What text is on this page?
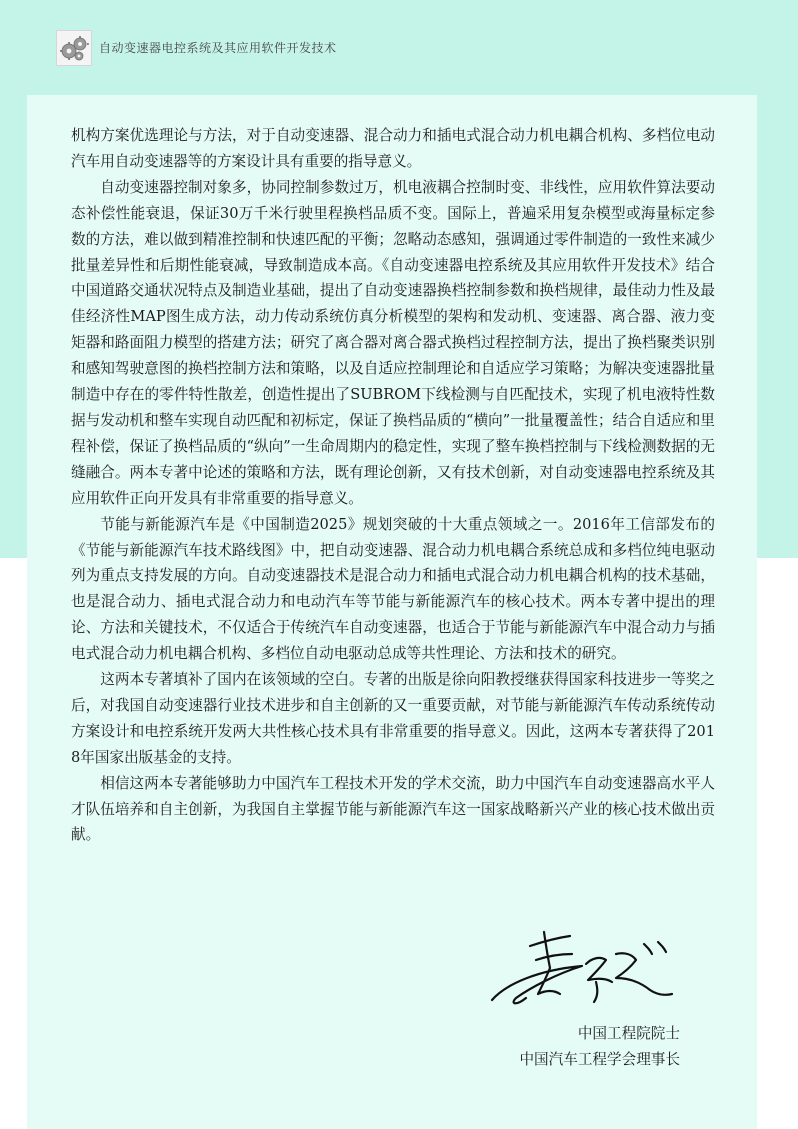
自动变速器电控系统及其应用软件开发技术

机构方案优选理论与方法，对于自动变速器、混合动力和插电式混合动力机电耦合机构、多档位电动汽车用自动变速器等的方案设计具有重要的指导意义。

自动变速器控制对象多，协同控制参数过万，机电液耦合控制时变、非线性，应用软件算法要动态补偿性能衰退，保证30万千米行驶里程换档品质不变。国际上，普遍采用复杂模型或海量标定参数的方法，难以做到精准控制和快速匹配的平衡；忽略动态感知，强调通过零件制造的一致性来减少批量差异性和后期性能衰减，导致制造成本高。《自动变速器电控系统及其应用软件开发技术》结合中国道路交通状况特点及制造业基础，提出了自动变速器换档控制参数和换档规律，最佳动力性及最佳经济性MAP图生成方法，动力传动系统仿真分析模型的架构和发动机、变速器、离合器、液力变矩器和路面阻力模型的搭建方法；研究了离合器对离合器式换档过程控制方法，提出了换档聚类识别和感知驾驶意图的换档控制方法和策略，以及自适应控制理论和自适应学习策略；为解决变速器批量制造中存在的零件特性散差，创造性提出了SUBROM下线检测与自匹配技术，实现了机电液特性数据与发动机和整车实现自动匹配和初标定，保证了换档品质的“横向”一批量覆盖性；结合自适应和里程补偿，保证了换档品质的“纵向”一生命周期内的稳定性，实现了整车换档控制与下线检测数据的无缝融合。两本专著中论述的策略和方法，既有理论创新，又有技术创新，对自动变速器电控系统及其应用软件正向开发具有非常重要的指导意义。

节能与新能源汽车是《中国制造2025》规划突破的十大重点领域之一。2016年工信部发布的《节能与新能源汽车技术路线图》中，把自动变速器、混合动力机电耦合系统总成和多档位纯电驱动列为重点支持发展的方向。自动变速器技术是混合动力和插电式混合动力机电耦合机构的技术基础，也是混合动力、插电式混合动力和电动汽车等节能与新能源汽车的核心技术。两本专著中提出的理论、方法和关键技术，不仅适合于传统汽车自动变速器，也适合于节能与新能源汽车中混合动力与插电式混合动力机电耦合机构、多档位自动电驱动总成等共性理论、方法和技术的研究。

这两本专著填补了国内在该领域的空白。专著的出版是徐向阳教授继获得国家科技进步一等奖之后，对我国自动变速器行业技术进步和自主创新的又一重要贡献，对节能与新能源汽车传动系统传动方案设计和电控系统开发两大共性核心技术具有非常重要的指导意义。因此，这两本专著获得了2018年国家出版基金的支持。

相信这两本专著能够助力中国汽车工程技术开发的学术交流，助力中国汽车自动变速器高水平人才队伍培养和自主创新，为我国自主掌握节能与新能源汽车这一国家战略新兴产业的核心技术做出贡献。

中国工程院院士
中国汽车工程学会理事长
